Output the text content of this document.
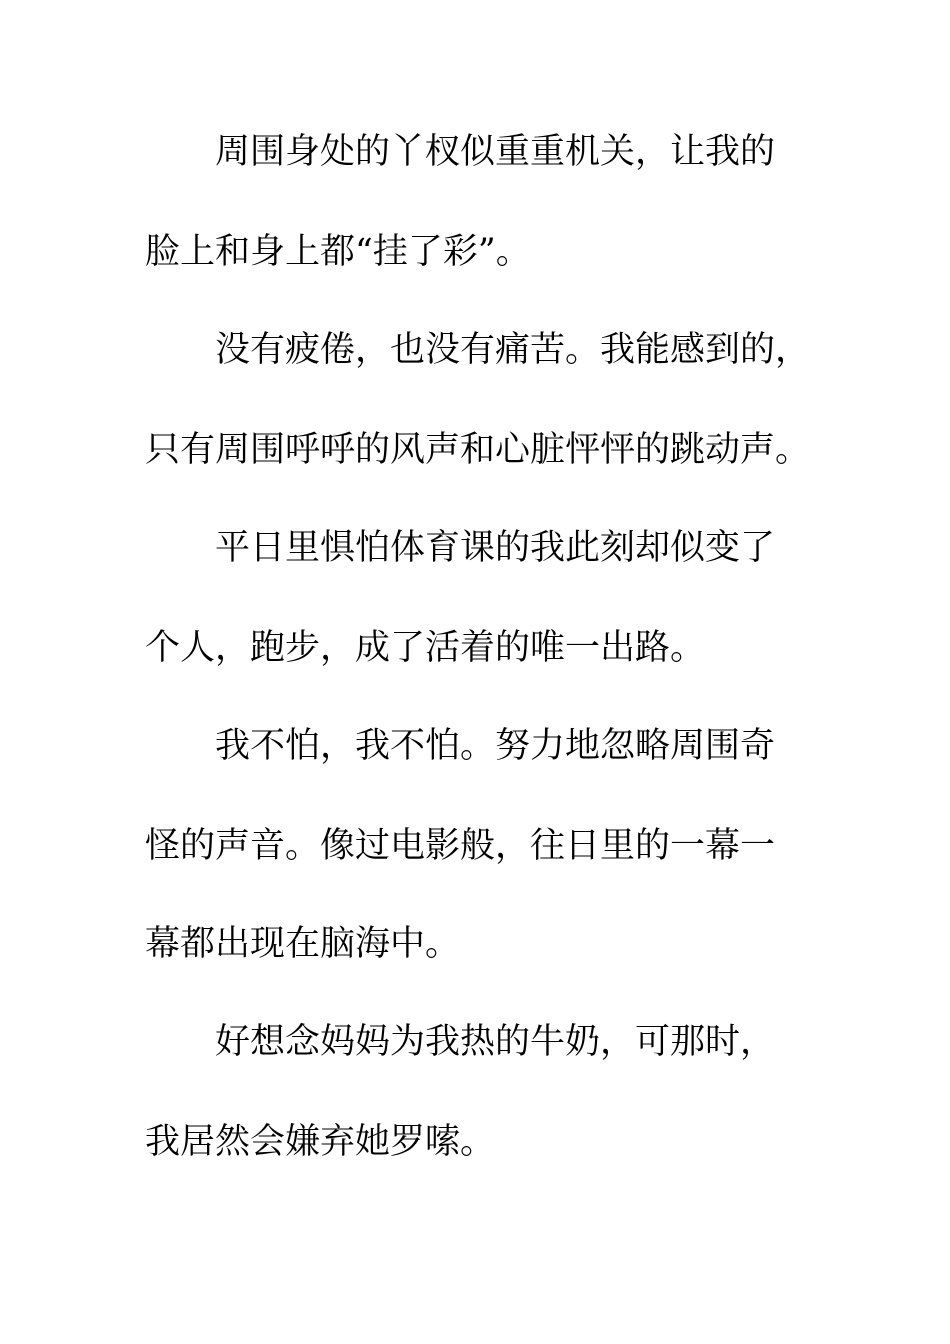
周围身处的丫杈似重重机关，让我的
脸上和身上都“挂了彩”。
没有疲倦，也没有痛苦。我能感到的，
只有周围呼呼的风声和心脏怦怦的跳动声。
平日里惧怕体育课的我此刻却似变了
个人，跑步，成了活着的唯一出路。
我不怕，我不怕。努力地忽略周围奇
怪的声音。像过电影般，往日里的一幕一
幕都出现在脑海中。
好想念妈妈为我热的牛奶，可那时，
我居然会嫌弃她罗嗦。
